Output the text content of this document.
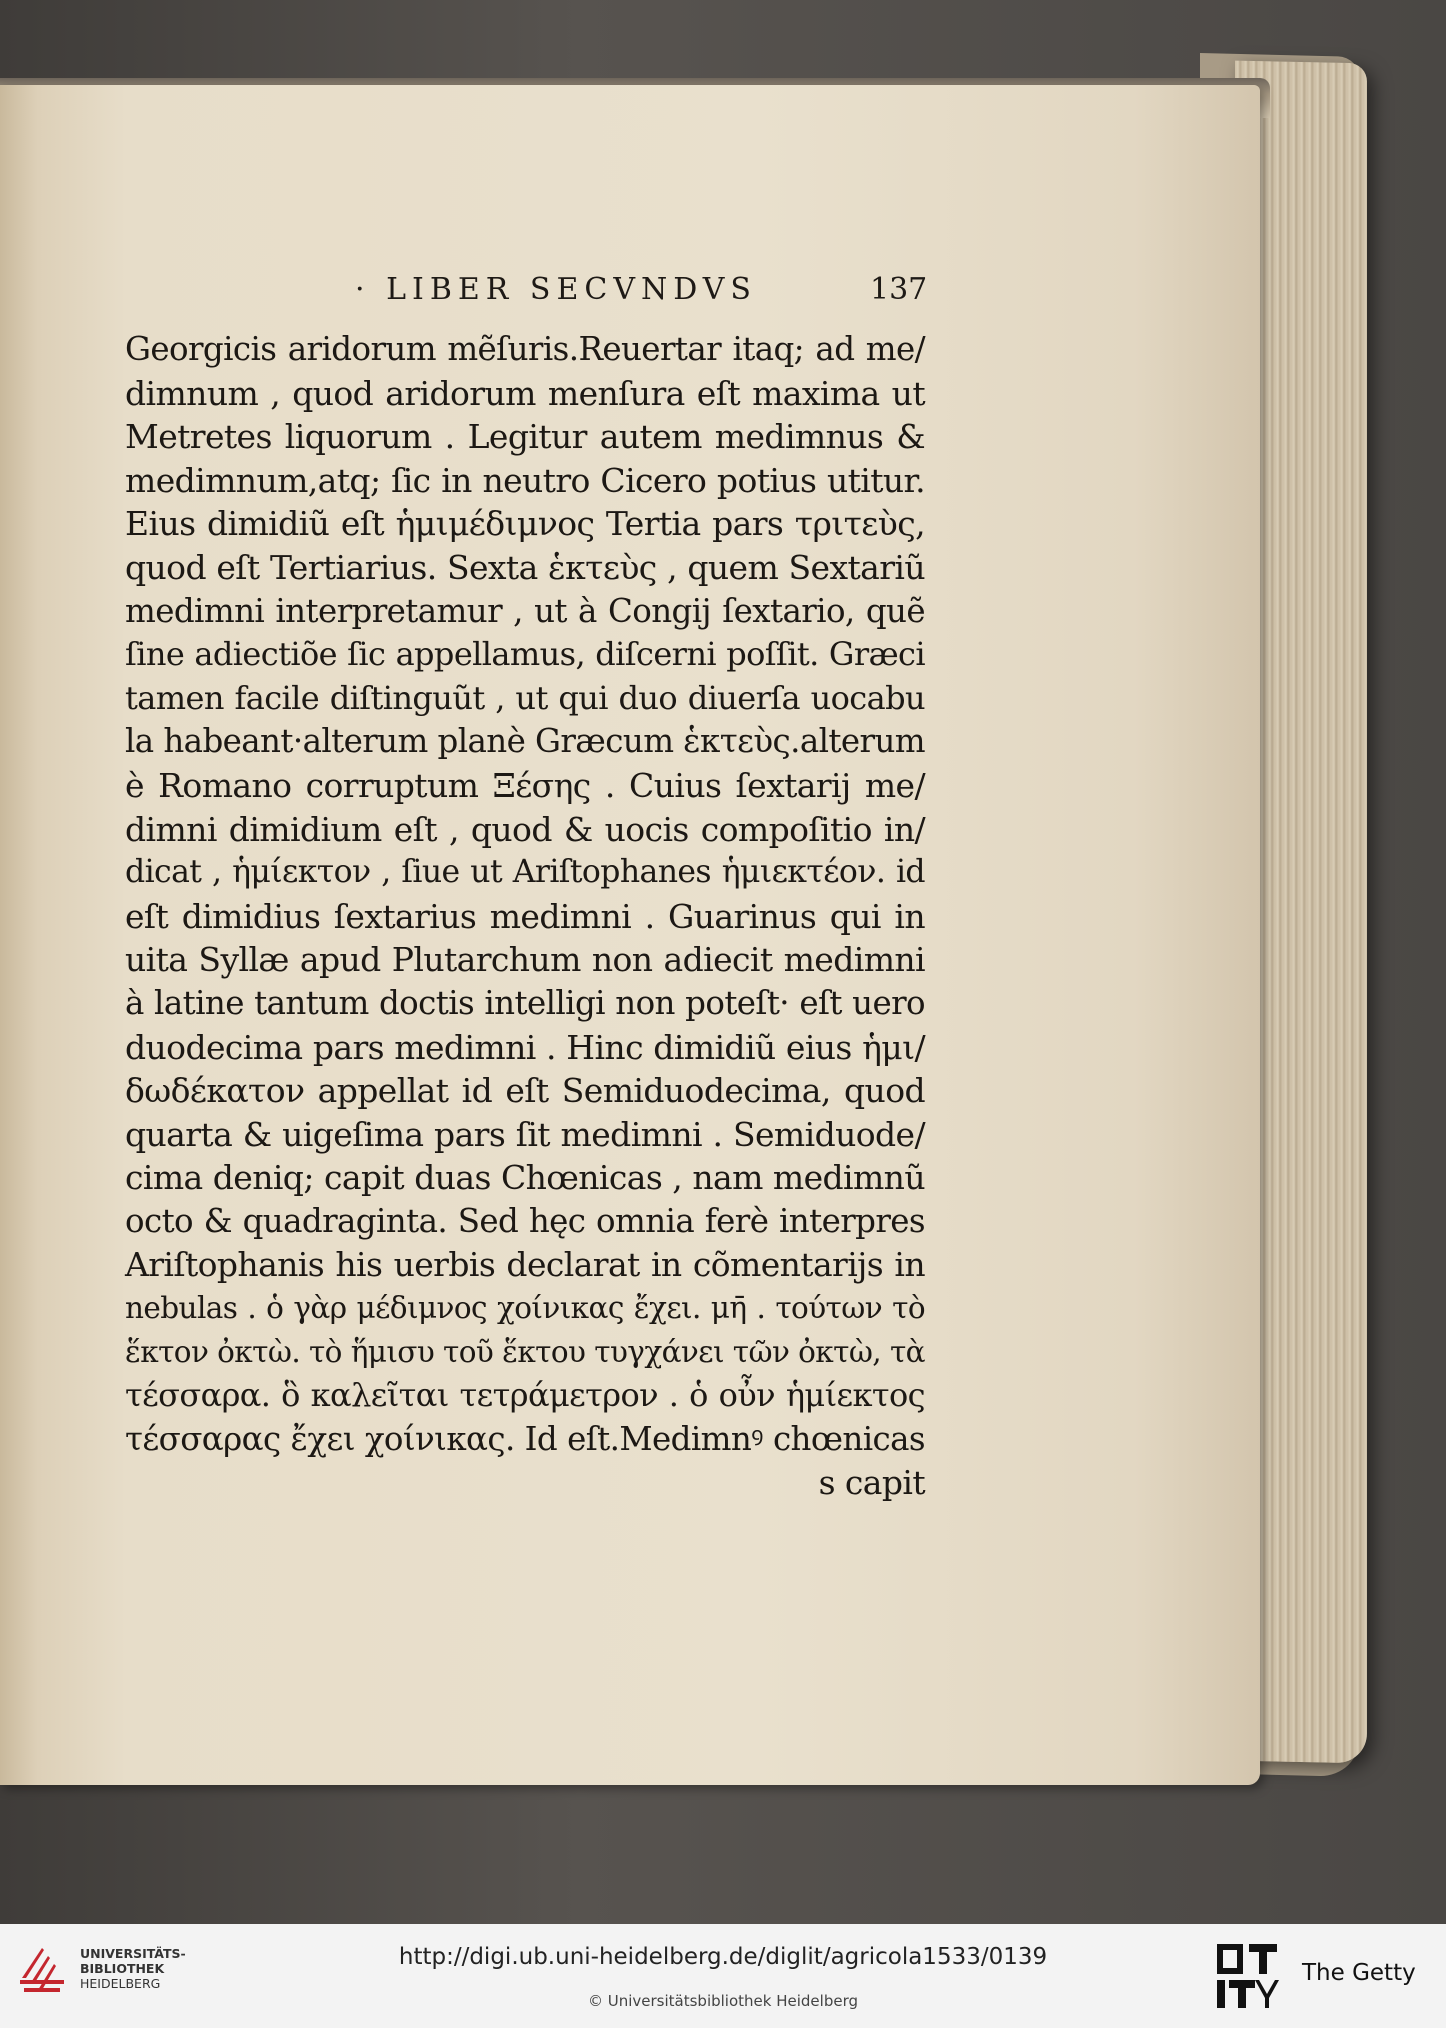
· LIBER SECVNDVS	137
Georgicis aridorum mẽſuris.Reuertar itaq; ad me/
dimnum , quod aridorum menſura eſt maxima ut
Metretes liquorum . Legitur autem medimnus &
medimnum,atq; ſic in neutro Cicero potius utitur.
Eius dimidiũ eſt ἡμιμέδιμνος Tertia pars τριτεὺς,
quod eſt Tertiarius. Sexta ἑκτεὺς , quem Sextariũ
medimni interpretamur , ut à Congij ſextario, quẽ
ſine adiectiõe ſic appellamus, diſcerni poſſit. Græci
tamen facile diſtinguũt , ut qui duo diuerſa uocabu
la habeant·alterum planè Græcum ἑκτεὺς.alterum
è Romano corruptum Ξέσης . Cuius ſextarij me/
dimni dimidium eſt , quod & uocis compoſitio in/
dicat , ἡμίεκτον , ſiue ut Ariſtophanes ἡμιεκτέον. id
eſt dimidius ſextarius medimni . Guarinus qui in
uita Syllæ apud Plutarchum non adiecit medimni
à latine tantum doctis intelligi non poteſt· eſt uero
duodecima pars medimni . Hinc dimidiũ eius ἡμι/
δωδέκατον appellat id eſt Semiduodecima, quod
quarta & uigeſima pars ſit medimni . Semiduode/
cima deniq; capit duas Chœnicas , nam medimnũ
octo & quadraginta. Sed hęc omnia ferè interpres
Ariſtophanis his uerbis declarat in cõmentarijs in
nebulas . ὁ γὰρ μέδιμνος χοίνικας ἔχει. μη̄ . τούτων τὸ
ἕκτον ὀκτὼ. τὸ ἥμισυ τοῦ ἕκτου τυγχάνει τῶν ὀκτὼ, τὰ
τέσσαρα. ὃ καλεῖται τετράμετρον . ὁ οὖν ἡμίεκτος
τέσσαρας ἔχει χοίνικας. Id eſt.Medimnꝰ chœnicas
s capit
UNIVERSITÄTS-
BIBLIOTHEK
HEIDELBERG
http://digi.ub.uni-heidelberg.de/diglit/agricola1533/0139
© Universitätsbibliothek Heidelberg
The Getty
